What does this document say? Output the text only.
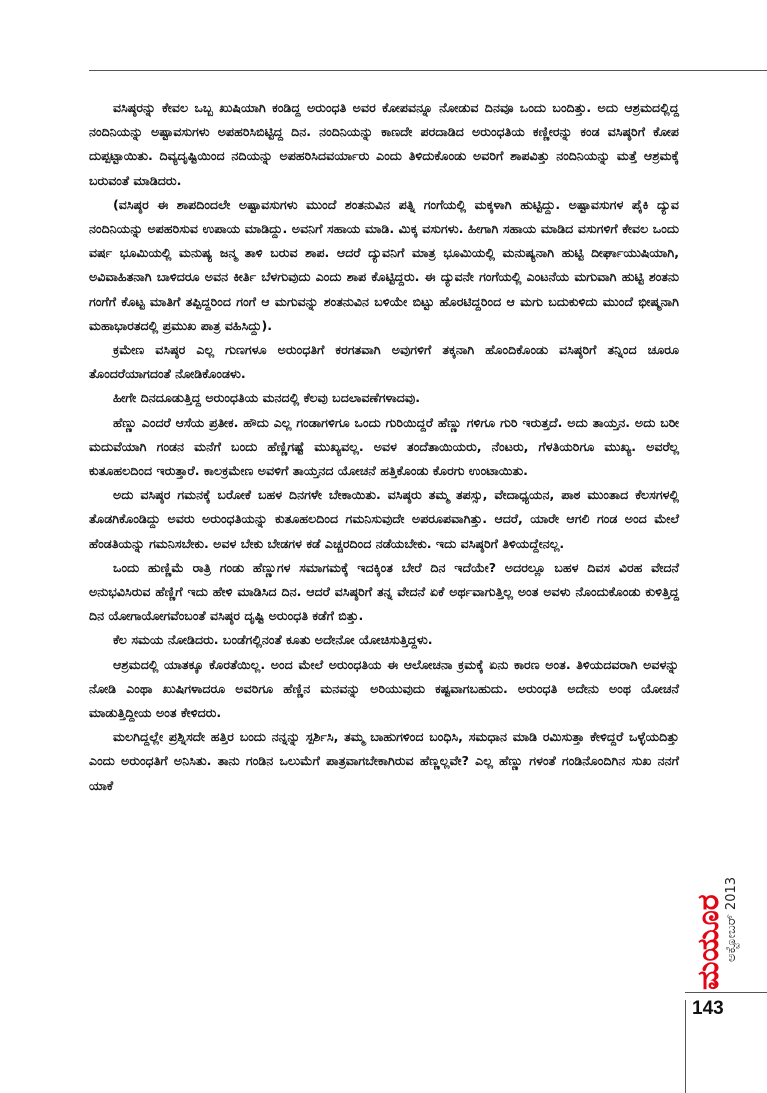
ವಸಿಷ್ಠರನ್ನು ಕೇವಲ ಒಬ್ಬ ಖುಷಿಯಾಗಿ ಕಂಡಿದ್ದ ಅರುಂಧತಿ ಅವರ ಕೋಪವನ್ನೂ ನೋಡುವ ದಿನವೂ ಒಂದು ಬಂದಿತ್ತು. ಅದು ಆಶ್ರಮದಲ್ಲಿದ್ದ ನಂದಿನಿಯನ್ನು ಅಷ್ಟಾವಸುಗಳು ಅಪಹರಿಸಿಬಿಟ್ಟಿದ್ದ ದಿನ. ನಂದಿನಿಯನ್ನು ಕಾಣದೇ ಪರದಾಡಿದ ಅರುಂಧತಿಯ ಕಣ್ಣೀರನ್ನು ಕಂಡ ವಸಿಷ್ಠರಿಗೆ ಕೋಪ ದುಪ್ಪಟ್ಟಾಯಿತು. ದಿವ್ಯದೃಷ್ಟಿಯಿಂದ ನದಿಯನ್ನು ಅಪಹರಿಸಿದವರ್ಯಾರು ಎಂದು ತಿಳಿದುಕೊಂಡು ಅವರಿಗೆ ಶಾಪವಿತ್ತು ನಂದಿನಿಯನ್ನು ಮತ್ತೆ ಆಶ್ರಮಕ್ಕೆ ಬರುವಂತೆ ಮಾಡಿದರು.

(ವಸಿಷ್ಠರ ಈ ಶಾಪದಿಂದಲೇ ಅಷ್ಟಾವಸುಗಳು ಮುಂದೆ ಶಂತನುವಿನ ಪತ್ನಿ ಗಂಗೆಯಲ್ಲಿ ಮಕ್ಕಳಾಗಿ ಹುಟ್ಟಿದ್ದು. ಅಷ್ಟಾವಸುಗಳ ಪೈಕಿ ದ್ಯುವ ನಂದಿನಿಯನ್ನು ಅಪಹರಿಸುವ ಉಪಾಯ ಮಾಡಿದ್ದು. ಅವನಿಗೆ ಸಹಾಯ ಮಾಡಿ. ಮಿಕ್ಕ ವಸುಗಳು. ಹೀಗಾಗಿ ಸಹಾಯ ಮಾಡಿದ ವಸುಗಳಿಗೆ ಕೇವಲ ಒಂದು ವರ್ಷ ಭೂಮಿಯಲ್ಲಿ ಮನುಷ್ಯ ಜನ್ಮ ತಾಳಿ ಬರುವ ಶಾಪ. ಆದರೆ ದ್ಯುವನಿಗೆ ಮಾತ್ರ ಭೂಮಿಯಲ್ಲಿ ಮನುಷ್ಯನಾಗಿ ಹುಟ್ಟಿ ದೀರ್ಘಾಯುಷಿಯಾಗಿ, ಅವಿವಾಹಿತನಾಗಿ ಬಾಳಿದರೂ ಅವನ ಕೀರ್ತಿ ಬೆಳಗುವುದು ಎಂದು ಶಾಪ ಕೊಟ್ಟಿದ್ದರು. ಈ ದ್ಯುವನೇ ಗಂಗೆಯಲ್ಲಿ ಎಂಟನೆಯ ಮಗುವಾಗಿ ಹುಟ್ಟಿ ಶಂತನು ಗಂಗೆಗೆ ಕೊಟ್ಟ ಮಾತಿಗೆ ತಪ್ಪಿದ್ದರಿಂದ ಗಂಗೆ ಆ ಮಗುವನ್ನು ಶಂತನುವಿನ ಬಳಿಯೇ ಬಿಟ್ಟು ಹೊರಟಿದ್ದರಿಂದ ಆ ಮಗು ಬದುಕುಳಿದು ಮುಂದೆ ಭೀಷ್ಮನಾಗಿ ಮಹಾಭಾರತದಲ್ಲಿ ಪ್ರಮುಖ ಪಾತ್ರ ವಹಿಸಿದ್ದು).

ಕ್ರಮೇಣ ವಸಿಷ್ಠರ ಎಲ್ಲ ಗುಣಗಳೂ ಅರುಂಧತಿಗೆ ಕರಗತವಾಗಿ ಅವುಗಳಿಗೆ ತಕ್ಕನಾಗಿ ಹೊಂದಿಕೊಂಡು ವಸಿಷ್ಠರಿಗೆ ತನ್ನಿಂದ ಚೂರೂ ತೊಂದರೆಯಾಗದಂತೆ ನೋಡಿಕೊಂಡಳು.

ಹೀಗೇ ದಿನದೂಡುತ್ತಿದ್ದ ಅರುಂಧತಿಯ ಮನದಲ್ಲಿ ಕೆಲವು ಬದಲಾವಣೆಗಳಾದವು.

ಹೆಣ್ಣು ಎಂದರೆ ಆಸೆಯ ಪ್ರತೀಕ. ಹೌದು ಎಲ್ಲ ಗಂಡಾಗಳಿಗೂ ಒಂದು ಗುರಿಯಿದ್ದರೆ ಹೆಣ್ಣು ಗಳಿಗೂ ಗುರಿ ಇರುತ್ತದೆ. ಅದು ತಾಯ್ತನ. ಅದು ಬರೀ ಮದುವೆಯಾಗಿ ಗಂಡನ ಮನೆಗೆ ಬಂದು ಹೆಣ್ಣಿಗಷ್ಟೆ ಮುಖ್ಯವಲ್ಲ. ಅವಳ ತಂದೆತಾಯಿಯರು, ನೆಂಟರು, ಗೆಳತಿಯರಿಗೂ ಮುಖ್ಯ. ಅವರೆಲ್ಲ ಕುತೂಹಲದಿಂದ ಇರುತ್ತಾರೆ. ಕಾಲಕ್ರಮೇಣ ಅವಳಿಗೆ ತಾಯ್ತನದ ಯೋಚನೆ ಹತ್ತಿಕೊಂಡು ಕೊರಗು ಉಂಟಾಯಿತು.

ಅದು ವಸಿಷ್ಠರ ಗಮನಕ್ಕೆ ಬರೋಕೆ ಬಹಳ ದಿನಗಳೇ ಬೇಕಾಯಿತು. ವಸಿಷ್ಠರು ತಮ್ಮ ತಪಸ್ಸು, ವೇದಾಧ್ಯಯನ, ಪಾಠ ಮುಂತಾದ ಕೆಲಸಗಳಲ್ಲಿ ತೊಡಗಿಕೊಂಡಿದ್ದು ಅವರು ಅರುಂಧತಿಯನ್ನು ಕುತೂಹಲದಿಂದ ಗಮನಿಸುವುದೇ ಅಪರೂಪವಾಗಿತ್ತು. ಆದರೆ, ಯಾರೇ ಆಗಲಿ ಗಂಡ ಅಂದ ಮೇಲೆ ಹೆಂಡತಿಯನ್ನು ಗಮನಿಸಬೇಕು. ಅವಳ ಬೇಕು ಬೇಡಗಳ ಕಡೆ ಎಚ್ಚರದಿಂದ ನಡೆಯಬೇಕು. ಇದು ವಸಿಷ್ಠರಿಗೆ ತಿಳಿಯದ್ದೇನಲ್ಲ.

ಒಂದು ಹುಣ್ಣಿಮೆ ರಾತ್ರಿ ಗಂಡು ಹೆಣ್ಣುಗಳ ಸಮಾಗಮಕ್ಕೆ ಇದಕ್ಕಿಂತ ಬೇರೆ ದಿನ ಇದೆಯೇ? ಅದರಲ್ಲೂ ಬಹಳ ದಿವಸ ವಿರಹ ವೇದನೆ ಅನುಭವಿಸಿರುವ ಹೆಣ್ಣಿಗೆ ಇದು ಹೇಳಿ ಮಾಡಿಸಿದ ದಿನ. ಆದರೆ ವಸಿಷ್ಠರಿಗೆ ತನ್ನ ವೇದನೆ ಏಕೆ ಅರ್ಥವಾಗುತ್ತಿಲ್ಲ ಅಂತ ಅವಳು ನೊಂದುಕೊಂಡು ಕುಳಿತ್ತಿದ್ದ ದಿನ ಯೋಗಾಯೋಗವೆಂಬಂತೆ ವಸಿಷ್ಠರ ದೃಷ್ಟಿ ಅರುಂಧತಿ ಕಡೆಗೆ ಬಿತ್ತು.

ಕೆಲ ಸಮಯ ನೋಡಿದರು. ಬಂಡೆಗಲ್ಲಿನಂತೆ ಕೂತು ಅದೇನೋ ಯೋಚಿಸುತ್ತಿದ್ದಳು.

ಆಶ್ರಮದಲ್ಲಿ ಯಾತಕ್ಕೂ ಕೊರತೆಯಿಲ್ಲ. ಅಂದ ಮೇಲೆ ಅರುಂಧತಿಯ ಈ ಆಲೋಚನಾ ಕ್ರಮಕ್ಕೆ ಏನು ಕಾರಣ ಅಂತ. ತಿಳಿಯದವರಾಗಿ ಅವಳನ್ನು ನೋಡಿ ಎಂಥಾ ಖುಷಿಗಳಾದರೂ ಅವರಿಗೂ ಹೆಣ್ಣಿನ ಮನವನ್ನು ಅರಿಯುವುದು ಕಷ್ಟವಾಗಬಹುದು. ಅರುಂಧತಿ ಅದೇನು ಅಂಥ ಯೋಚನೆ ಮಾಡುತ್ತಿದ್ದೀಯ ಅಂತ ಕೇಳಿದರು.

ಮಲಗಿದ್ದಲ್ಲೇ ಪ್ರಶ್ನಿಸದೇ ಹತ್ತಿರ ಬಂದು ನನ್ನನ್ನು ಸ್ಪರ್ಶಿಸಿ, ತಮ್ಮ ಬಾಹುಗಳಿಂದ ಬಂಧಿಸಿ, ಸಮಧಾನ ಮಾಡಿ ರಮಿಸುತ್ತಾ ಕೇಳಿದ್ದರೆ ಒಳ್ಳೆಯದಿತ್ತು ಎಂದು ಅರುಂಧತಿಗೆ ಅನಿಸಿತು. ತಾನು ಗಂಡಿನ ಒಲುಮೆಗೆ ಪಾತ್ರವಾಗಬೇಕಾಗಿರುವ ಹೆಣ್ಣಲ್ಲವೇ? ಎಲ್ಲ ಹೆಣ್ಣು ಗಳಂತೆ ಗಂಡಿನೊಂದಿಗಿನ ಸುಖ ನನಗೆ ಯಾಕೆ

ಮಯೂರ
ಅಕ್ಟೋಬರ್ 2013
143
